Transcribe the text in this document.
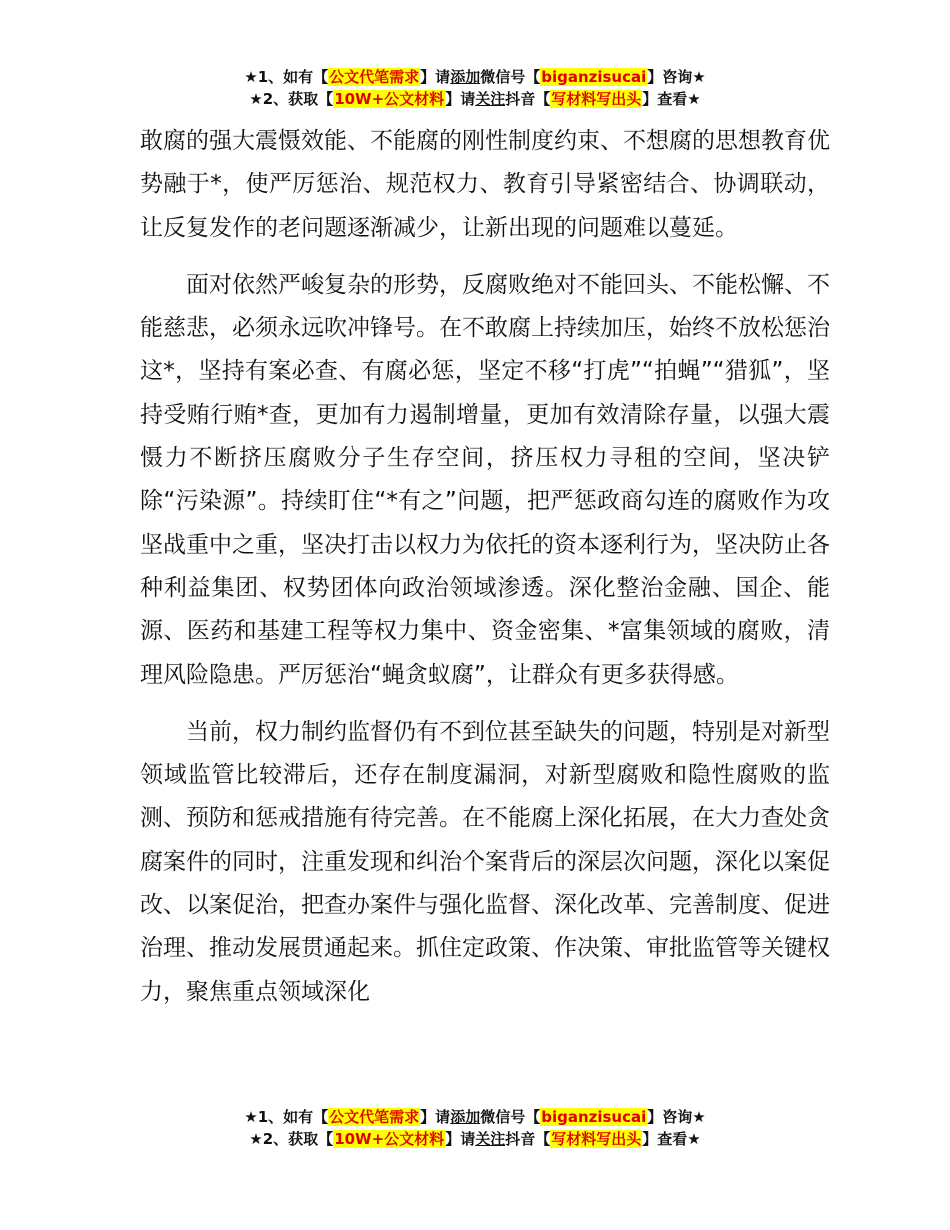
★1、如有【公文代笔需求】请添加微信号【biganzisucai】咨询★
★2、获取【10W+公文材料】请关注抖音【写材料写出头】查看★

敢腐的强大震慑效能、不能腐的刚性制度约束、不想腐的思想教育优势融于*，使严厉惩治、规范权力、教育引导紧密结合、协调联动，让反复发作的老问题逐渐减少，让新出现的问题难以蔓延。

面对依然严峻复杂的形势，反腐败绝对不能回头、不能松懈、不能慈悲，必须永远吹冲锋号。在不敢腐上持续加压，始终不放松惩治这*，坚持有案必查、有腐必惩，坚定不移“打虎”“拍蝇”“猎狐”，坚持受贿行贿*查，更加有力遏制增量，更加有效清除存量，以强大震慑力不断挤压腐败分子生存空间，挤压权力寻租的空间，坚决铲除“污染源”。持续盯住“*有之”问题，把严惩政商勾连的腐败作为攻坚战重中之重，坚决打击以权力为依托的资本逐利行为，坚决防止各种利益集团、权势团体向政治领域渗透。深化整治金融、国企、能源、医药和基建工程等权力集中、资金密集、*富集领域的腐败，清理风险隐患。严厉惩治“蝇贪蚁腐”，让群众有更多获得感。

当前，权力制约监督仍有不到位甚至缺失的问题，特别是对新型领域监管比较滞后，还存在制度漏洞，对新型腐败和隐性腐败的监测、预防和惩戒措施有待完善。在不能腐上深化拓展，在大力查处贪腐案件的同时，注重发现和纠治个案背后的深层次问题，深化以案促改、以案促治，把查办案件与强化监督、深化改革、完善制度、促进治理、推动发展贯通起来。抓住定政策、作决策、审批监管等关键权力，聚焦重点领域深化

★1、如有【公文代笔需求】请添加微信号【biganzisucai】咨询★
★2、获取【10W+公文材料】请关注抖音【写材料写出头】查看★
